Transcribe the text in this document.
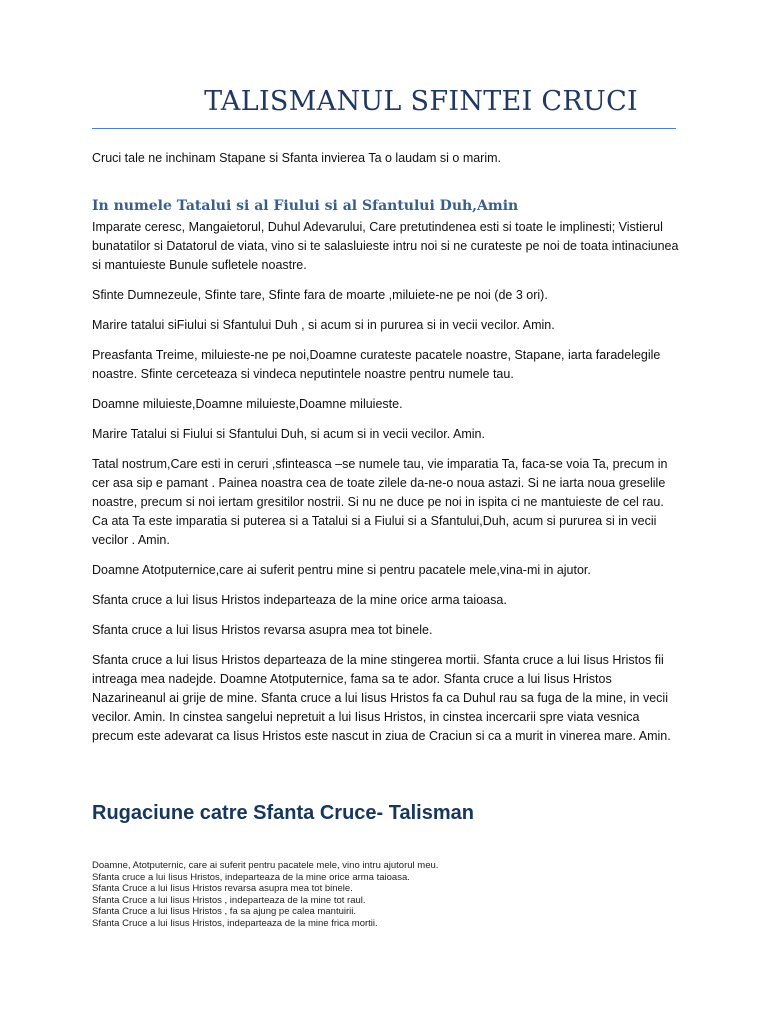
TALISMANUL SFINTEI CRUCI

Cruci tale ne inchinam Stapane si Sfanta invierea Ta o laudam si o marim.

In numele Tatalui si al Fiului si al Sfantului Duh,Amin

Imparate ceresc, Mangaietorul, Duhul Adevarului, Care pretutindenea esti si toate le implinesti; Vistierul bunatatilor si Datatorul de viata, vino si te salasluieste intru noi si ne curateste pe noi de toata intinaciunea si mantuieste Bunule sufletele noastre.

Sfinte Dumnezeule, Sfinte tare, Sfinte fara de moarte ,miluiete-ne pe noi (de 3 ori).

Marire tatalui siFiului si Sfantului Duh , si acum si in pururea si in vecii vecilor. Amin.

Preasfanta Treime, miluieste-ne pe noi,Doamne curateste pacatele noastre, Stapane, iarta faradelegile noastre. Sfinte cerceteaza si vindeca neputintele noastre pentru numele tau.

Doamne miluieste,Doamne miluieste,Doamne miluieste.

Marire Tatalui si Fiului si Sfantului Duh, si acum si in vecii vecilor. Amin.

Tatal nostrum,Care esti in ceruri ,sfinteasca –se numele tau, vie imparatia Ta, faca-se voia Ta, precum in cer asa sip e pamant . Painea noastra cea de toate zilele da-ne-o noua astazi. Si ne iarta noua greselile noastre, precum si noi iertam gresitilor nostrii. Si nu ne duce pe noi in ispita ci ne mantuieste de cel rau. Ca ata Ta este imparatia si puterea si a Tatalui si a Fiului si a Sfantului,Duh, acum si pururea si in vecii vecilor . Amin.

Doamne Atotputernice,care ai suferit pentru mine si pentru pacatele mele,vina-mi in ajutor.

Sfanta cruce a lui Iisus Hristos indeparteaza de la mine orice arma taioasa.

Sfanta cruce a lui Iisus Hristos revarsa asupra mea tot binele.

Sfanta cruce a lui Iisus Hristos departeaza de la mine stingerea mortii. Sfanta cruce a lui Iisus Hristos fii intreaga mea nadejde. Doamne Atotputernice, fama sa te ador. Sfanta cruce a lui Iisus Hristos Nazarineanul ai grije de mine. Sfanta cruce a lui Iisus Hristos fa ca Duhul rau sa fuga de la mine, in vecii vecilor. Amin. In cinstea sangelui nepretuit a lui Iisus Hristos, in cinstea incercarii spre viata vesnica precum este adevarat ca Iisus Hristos este nascut in ziua de Craciun si ca a murit in vinerea mare. Amin.

Rugaciune catre Sfanta Cruce- Talisman
Doamne, Atotputernic, care ai suferit pentru pacatele mele, vino intru ajutorul meu.
Sfanta cruce a lui Iisus Hristos, indeparteaza de la mine orice arma taioasa.
Sfanta Cruce a lui Iisus Hristos revarsa asupra mea tot binele.
Sfanta Cruce a lui Iisus Hristos , indeparteaza de la mine tot raul.
Sfanta Cruce a lui Iisus Hristos , fa sa ajung pe calea mantuirii.
Sfanta Cruce a lui Iisus Hristos, indeparteaza de la mine frica mortii.
